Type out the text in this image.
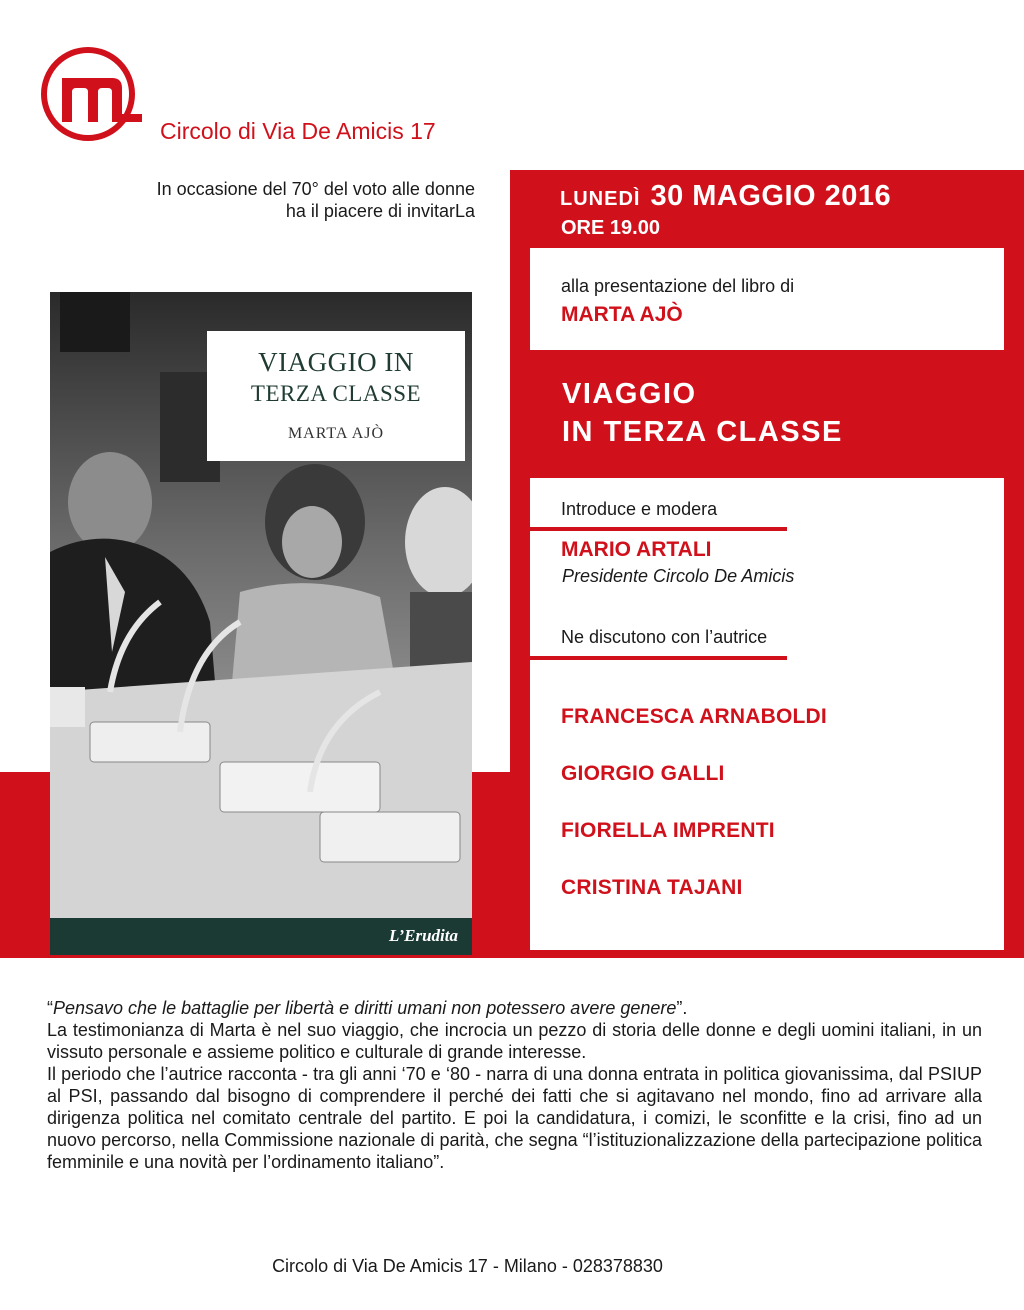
Circolo di Via De Amicis 17
In occasione del 70° del voto alle donne
ha il piacere di invitarLa
LUNEDÌ 30 MAGGIO 2016
ORE 19.00
alla presentazione del libro di
MARTA AJÒ
VIAGGIO
IN TERZA CLASSE
Introduce e modera
MARIO ARTALI
Presidente Circolo De Amicis
Ne discutono con l’autrice
FRANCESCA ARNABOLDI
GIORGIO GALLI
FIORELLA IMPRENTI
CRISTINA TAJANI
VIAGGIO IN
TERZA CLASSE
MARTA AJÒ
L’Erudita

“Pensavo che le battaglie per libertà e diritti umani non potessero avere genere”.

La testimonianza di Marta è nel suo viaggio, che incrocia un pezzo di storia delle donne e degli uomini italiani, in un vissuto personale e assieme politico e culturale di grande interesse.

Il periodo che l’autrice racconta - tra gli anni ‘70 e ‘80 - narra di una donna entrata in politica giovanissima, dal PSIUP al PSI, passando dal bisogno di comprendere il perché dei fatti che si agitavano nel mondo, fino ad arrivare alla dirigenza politica nel comitato centrale del partito. E poi la candidatura, i comizi, le sconfitte e la crisi, fino ad un nuovo percorso, nella Commissione nazionale di parità, che segna “l’istituzionalizzazione della partecipazione politica femminile e una novità per l’ordinamento italiano”.

Circolo di Via De Amicis 17 - Milano - 028378830
